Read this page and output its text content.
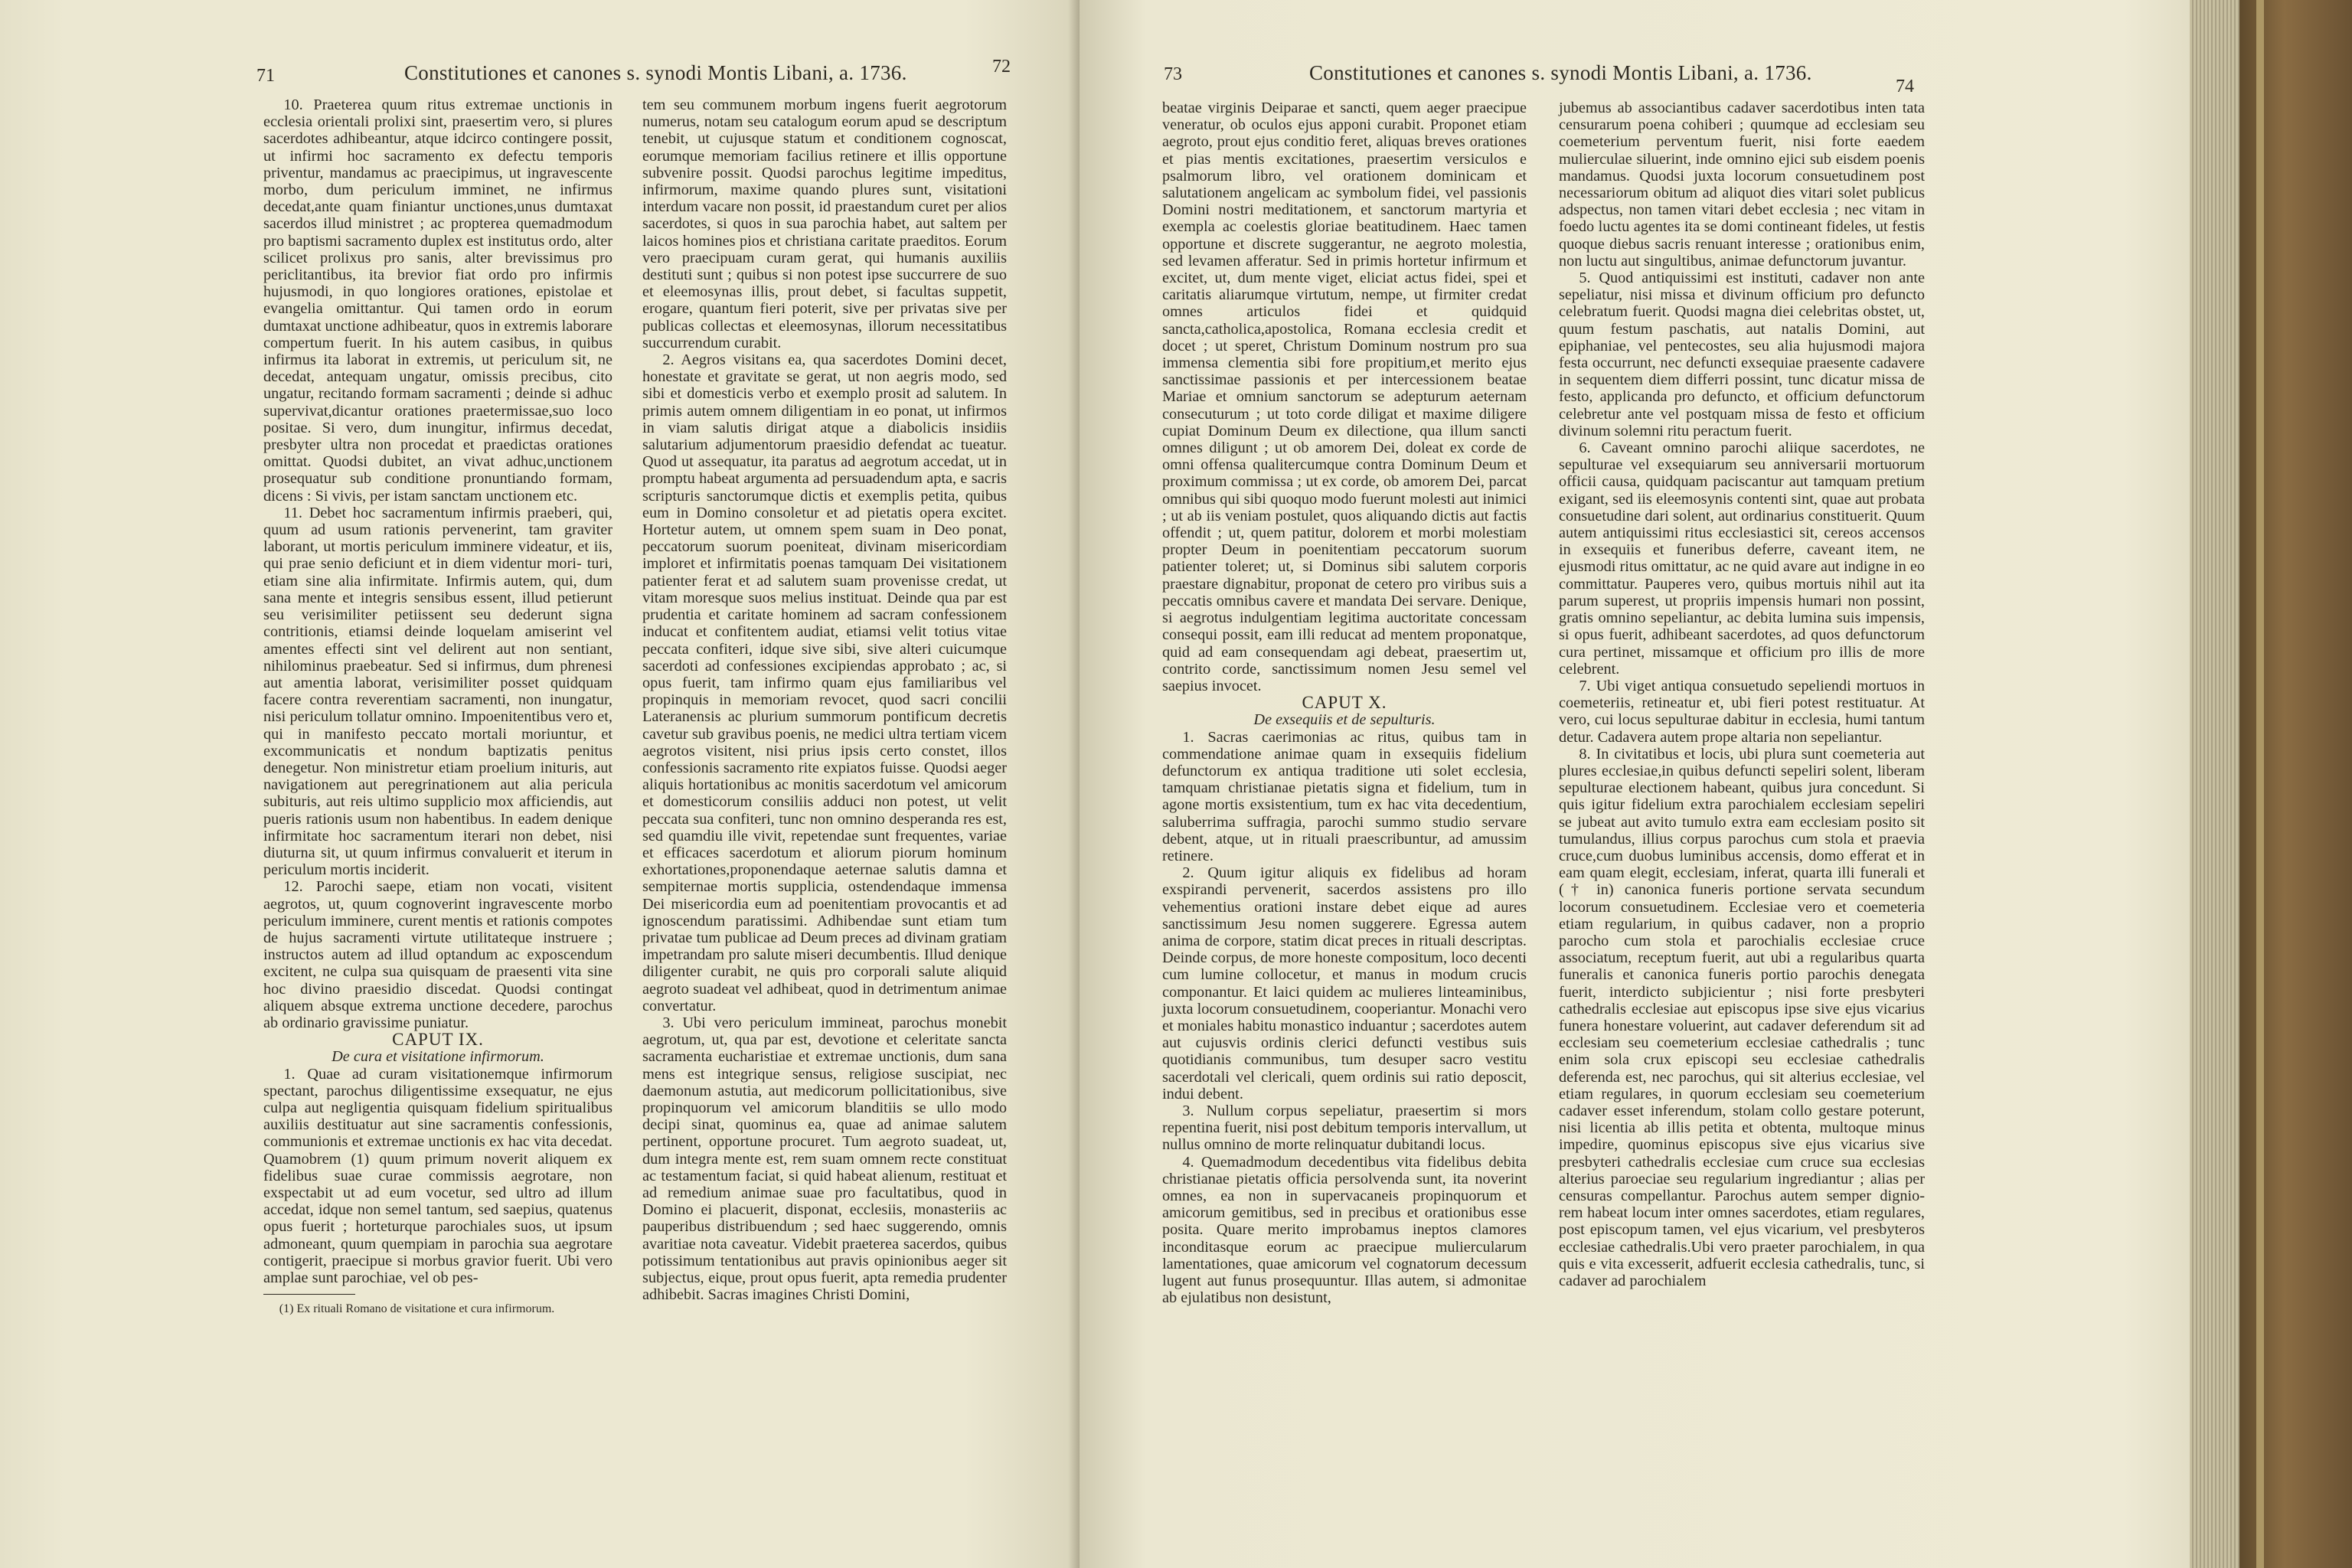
71	Constitutiones et canones s. synodi Montis Libani, a. 1736.	72

10. Praeterea quum ritus extremae unctionis in ecclesia orientali prolixi sint, praesertim vero, si plures sacerdotes adhibeantur, atque idcirco contingere possit, ut infirmi hoc sacramento ex defectu temporis priventur, mandamus ac praecipimus, ut ingravescente morbo, dum periculum imminet, ne infirmus decedat,ante quam finiantur unctiones,unus dumtaxat sacerdos illud ministret ; ac propterea quemadmodum pro baptismi sacramento duplex est institutus ordo, alter scilicet prolixus pro sanis, alter brevissimus pro periclitantibus, ita brevior fiat ordo pro infirmis hujusmodi, in quo longiores orationes, epistolae et evangelia omittantur. Qui tamen ordo in eorum dumtaxat unctione adhibeatur, quos in extremis laborare compertum fuerit. In his autem casibus, in quibus infirmus ita laborat in extremis, ut periculum sit, ne decedat, antequam ungatur, omissis precibus, cito ungatur, recitando formam sacramenti ; deinde si adhuc supervivat,dicantur orationes praetermissae,suo loco positae. Si vero, dum inungitur, infirmus decedat, presbyter ultra non procedat et praedictas orationes omittat. Quodsi dubitet, an vivat adhuc,unctionem prosequatur sub conditione pronuntiando formam, dicens : Si vivis, per istam sanctam unctionem etc.

11. Debet hoc sacramentum infirmis praeberi, qui, quum ad usum rationis pervenerint, tam graviter laborant, ut mortis periculum imminere videatur, et iis, qui prae senio deficiunt et in diem videntur mori- turi, etiam sine alia infirmitate. Infirmis autem, qui, dum sana mente et integris sensibus essent, illud petierunt seu verisimiliter petiissent seu dederunt signa contritionis, etiamsi deinde loquelam amiserint vel amentes effecti sint vel delirent aut non sentiant, nihilominus praebeatur. Sed si infirmus, dum phrenesi aut amentia laborat, verisimiliter posset quidquam facere contra reverentiam sacramenti, non inungatur, nisi periculum tollatur omnino. Impoenitentibus vero et, qui in manifesto peccato mortali moriuntur, et excommunicatis et nondum baptizatis penitus denegetur. Non ministretur etiam proelium inituris, aut navigationem aut peregrinationem aut alia pericula subituris, aut reis ultimo supplicio mox afficiendis, aut pueris rationis usum non habentibus. In eadem denique infirmitate hoc sacramentum iterari non debet, nisi diuturna sit, ut quum infirmus convaluerit et iterum in periculum mortis inciderit.

12. Parochi saepe, etiam non vocati, visitent aegrotos, ut, quum cognoverint ingravescente morbo periculum imminere, curent mentis et rationis compotes de hujus sacramenti virtute utilitateque instruere ; instructos autem ad illud optandum ac exposcendum excitent, ne culpa sua quisquam de praesenti vita sine hoc divino praesidio discedat. Quodsi contingat aliquem absque extrema unctione decedere, parochus ab ordinario gravissime puniatur.

CAPUT IX.

De cura et visitatione infirmorum.

1. Quae ad curam visitationemque infirmorum spectant, parochus diligentissime exsequatur, ne ejus culpa aut negligentia quisquam fidelium spiritualibus auxiliis destituatur aut sine sacramentis confessionis, communionis et extremae unctionis ex hac vita decedat. Quamobrem (1) quum primum noverit aliquem ex fidelibus suae curae commissis aegrotare, non exspectabit ut ad eum vocetur, sed ultro ad illum accedat, idque non semel tantum, sed saepius, quatenus opus fuerit ; horteturque parochiales suos, ut ipsum admoneant, quum quempiam in parochia sua aegrotare contigerit, praecipue si morbus gravior fuerit. Ubi vero amplae sunt parochiae, vel ob pes-

(1) Ex rituali Romano de visitatione et cura infirmorum.

tem seu communem morbum ingens fuerit aegrotorum numerus, notam seu catalogum eorum apud se descriptum tenebit, ut cujusque statum et conditionem cognoscat, eorumque memoriam facilius retinere et illis opportune subvenire possit. Quodsi parochus legitime impeditus, infirmorum, maxime quando plures sunt, visitationi interdum vacare non possit, id praestandum curet per alios sacerdotes, si quos in sua parochia habet, aut saltem per laicos homines pios et christiana caritate praeditos. Eorum vero praecipuam curam gerat, qui humanis auxiliis destituti sunt ; quibus si non potest ipse succurrere de suo et eleemosynas illis, prout debet, si facultas suppetit, erogare, quantum fieri poterit, sive per privatas sive per publicas collectas et eleemosynas, illorum necessitatibus succurrendum curabit.

2. Aegros visitans ea, qua sacerdotes Domini decet, honestate et gravitate se gerat, ut non aegris modo, sed sibi et domesticis verbo et exemplo prosit ad salutem. In primis autem omnem diligentiam in eo ponat, ut infirmos in viam salutis dirigat atque a diabolicis insidiis salutarium adjumentorum praesidio defendat ac tueatur. Quod ut assequatur, ita paratus ad aegrotum accedat, ut in promptu habeat argumenta ad persuadendum apta, e sacris scripturis sanctorumque dictis et exemplis petita, quibus eum in Domino consoletur et ad pietatis opera excitet. Hortetur autem, ut omnem spem suam in Deo ponat, peccatorum suorum poeniteat, divinam misericordiam imploret et infirmitatis poenas tamquam Dei visitationem patienter ferat et ad salutem suam provenisse credat, ut vitam moresque suos melius instituat. Deinde qua par est prudentia et caritate hominem ad sacram confessionem inducat et confitentem audiat, etiamsi velit totius vitae peccata confiteri, idque sive sibi, sive alteri cuicumque sacerdoti ad confessiones excipiendas approbato ; ac, si opus fuerit, tam infirmo quam ejus familiaribus vel propinquis in memoriam revocet, quod sacri concilii Lateranensis ac plurium summorum pontificum decretis cavetur sub gravibus poenis, ne medici ultra tertiam vicem aegrotos visitent, nisi prius ipsis certo constet, illos confessionis sacramento rite expiatos fuisse. Quodsi aeger aliquis hortationibus ac monitis sacerdotum vel amicorum et domesticorum consiliis adduci non potest, ut velit peccata sua confiteri, tunc non omnino desperanda res est, sed quamdiu ille vivit, repetendae sunt frequentes, variae et efficaces sacerdotum et aliorum piorum hominum exhortationes,proponendaque aeternae salutis damna et sempiternae mortis supplicia, ostendendaque immensa Dei misericordia eum ad poenitentiam provocantis et ad ignoscendum paratissimi. Adhibendae sunt etiam tum privatae tum publicae ad Deum preces ad divinam gratiam impetrandam pro salute miseri decumbentis. Illud denique diligenter curabit, ne quis pro corporali salute aliquid aegroto suadeat vel adhibeat, quod in detrimentum animae convertatur.

3. Ubi vero periculum immineat, parochus monebit aegrotum, ut, qua par est, devotione et celeritate sancta sacramenta eucharistiae et extremae unctionis, dum sana mens est integrique sensus, religiose suscipiat, nec daemonum astutia, aut medicorum pollicitationibus, sive propinquorum vel amicorum blanditiis se ullo modo decipi sinat, quominus ea, quae ad animae salutem pertinent, opportune procuret. Tum aegroto suadeat, ut, dum integra mente est, rem suam omnem recte constituat ac testamentum faciat, si quid habeat alienum, restituat et ad remedium animae suae pro facultatibus, quod in Domino ei placuerit, disponat, ecclesiis, monasteriis ac pauperibus distribuendum ; sed haec suggerendo, omnis avaritiae nota caveatur. Videbit praeterea sacerdos, quibus potissimum tentationibus aut pravis opinionibus aeger sit subjectus, eique, prout opus fuerit, apta remedia prudenter adhibebit. Sacras imagines Christi Domini,

73	Constitutiones et canones s. synodi Montis Libani, a. 1736.
74

beatae virginis Deiparae et sancti, quem aeger praecipue veneratur, ob oculos ejus apponi curabit. Proponet etiam aegroto, prout ejus conditio feret, aliquas breves orationes et pias mentis excitationes, praesertim versiculos e psalmorum libro, vel orationem dominicam et salutationem angelicam ac symbolum fidei, vel passionis Domini nostri meditationem, et sanctorum martyria et exempla ac coelestis gloriae beatitudinem. Haec tamen opportune et discrete suggerantur, ne aegroto molestia, sed levamen afferatur. Sed in primis hortetur infirmum et excitet, ut, dum mente viget, eliciat actus fidei, spei et caritatis aliarumque virtutum, nempe, ut firmiter credat omnes articulos fidei et quidquid sancta,catholica,apostolica, Romana ecclesia credit et docet ; ut speret, Christum Dominum nostrum pro sua immensa clementia sibi fore propitium,et merito ejus sanctissimae passionis et per intercessionem beatae Mariae et omnium sanctorum se adepturum aeternam consecuturum ; ut toto corde diligat et maxime diligere cupiat Dominum Deum ex dilectione, qua illum sancti omnes diligunt ; ut ob amorem Dei, doleat ex corde de omni offensa qualitercumque contra Dominum Deum et proximum commissa ; ut ex corde, ob amorem Dei, parcat omnibus qui sibi quoquo modo fuerunt molesti aut inimici ; ut ab iis veniam postulet, quos aliquando dictis aut factis offendit ; ut, quem patitur, dolorem et morbi molestiam propter Deum in poenitentiam peccatorum suorum patienter toleret; ut, si Dominus sibi salutem corporis praestare dignabitur, proponat de cetero pro viribus suis a peccatis omnibus cavere et mandata Dei servare. Denique, si aegrotus indulgentiam legitima auctoritate concessam consequi possit, eam illi reducat ad mentem proponatque, quid ad eam consequendam agi debeat, praesertim ut, contrito corde, sanctissimum nomen Jesu semel vel saepius invocet.

CAPUT X.

De exsequiis et de sepulturis.

1. Sacras caerimonias ac ritus, quibus tam in commendatione animae quam in exsequiis fidelium defunctorum ex antiqua traditione uti solet ecclesia, tamquam christianae pietatis signa et fidelium, tum in agone mortis exsistentium, tum ex hac vita decedentium, saluberrima suffragia, parochi summo studio servare debent, atque, ut in rituali praescribuntur, ad amussim retinere.

2. Quum igitur aliquis ex fidelibus ad horam exspirandi pervenerit, sacerdos assistens pro illo vehementius orationi instare debet eique ad aures sanctissimum Jesu nomen suggerere. Egressa autem anima de corpore, statim dicat preces in rituali descriptas. Deinde corpus, de more honeste compositum, loco decenti cum lumine collocetur, et manus in modum crucis componantur. Et laici quidem ac mulieres linteaminibus, juxta locorum consuetudinem, cooperiantur. Monachi vero et moniales habitu monastico induantur ; sacerdotes autem aut cujusvis ordinis clerici defuncti vestibus suis quotidianis communibus, tum desuper sacro vestitu sacerdotali vel clericali, quem ordinis sui ratio deposcit, indui debent.

3. Nullum corpus sepeliatur, praesertim si mors repentina fuerit, nisi post debitum temporis intervallum, ut nullus omnino de morte relinquatur dubitandi locus.

4. Quemadmodum decedentibus vita fidelibus debita christianae pietatis officia persolvenda sunt, ita noverint omnes, ea non in supervacaneis propinquorum et amicorum gemitibus, sed in precibus et orationibus esse posita. Quare merito improbamus ineptos clamores inconditasque eorum ac praecipue muliercularum lamentationes, quae amicorum vel cognatorum decessum lugent aut funus prosequuntur. Illas autem, si admonitae ab ejulatibus non desistunt,

jubemus ab associantibus cadaver sacerdotibus inten tata censurarum poena cohiberi ; quumque ad ecclesiam seu coemeterium perventum fuerit, nisi forte eaedem mulierculae siluerint, inde omnino ejici sub eisdem poenis mandamus. Quodsi juxta locorum consuetudinem post necessariorum obitum ad aliquot dies vitari solet publicus adspectus, non tamen vitari debet ecclesia ; nec vitam in foedo luctu agentes ita se domi contineant fideles, ut festis quoque diebus sacris renuant interesse ; orationibus enim, non luctu aut singultibus, animae defunctorum juvantur.

5. Quod antiquissimi est instituti, cadaver non ante sepeliatur, nisi missa et divinum officium pro defuncto celebratum fuerit. Quodsi magna diei celebritas obstet, ut, quum festum paschatis, aut natalis Domini, aut epiphaniae, vel pentecostes, seu alia hujusmodi majora festa occurrunt, nec defuncti exsequiae praesente cadavere in sequentem diem differri possint, tunc dicatur missa de festo, applicanda pro defuncto, et officium defunctorum celebretur ante vel postquam missa de festo et officium divinum solemni ritu peractum fuerit.

6. Caveant omnino parochi aliique sacerdotes, ne sepulturae vel exsequiarum seu anniversarii mortuorum officii causa, quidquam paciscantur aut tamquam pretium exigant, sed iis eleemosynis contenti sint, quae aut probata consuetudine dari solent, aut ordinarius constituerit. Quum autem antiquissimi ritus ecclesiastici sit, cereos accensos in exsequiis et funeribus deferre, caveant item, ne ejusmodi ritus omittatur, ac ne quid avare aut indigne in eo committatur. Pauperes vero, quibus mortuis nihil aut ita parum superest, ut propriis impensis humari non possint, gratis omnino sepeliantur, ac debita lumina suis impensis, si opus fuerit, adhibeant sacerdotes, ad quos defunctorum cura pertinet, missamque et officium pro illis de more celebrent.

7. Ubi viget antiqua consuetudo sepeliendi mortuos in coemeteriis, retineatur et, ubi fieri potest restituatur. At vero, cui locus sepulturae dabitur in ecclesia, humi tantum detur. Cadavera autem prope altaria non sepeliantur.

8. In civitatibus et locis, ubi plura sunt coemeteria aut plures ecclesiae,in quibus defuncti sepeliri solent, liberam sepulturae electionem habeant, quibus jura concedunt. Si quis igitur fidelium extra parochialem ecclesiam sepeliri se jubeat aut avito tumulo extra eam ecclesiam posito sit tumulandus, illius corpus parochus cum stola et praevia cruce,cum duobus luminibus accensis, domo efferat et in eam quam elegit, ecclesiam, inferat, quarta illi funerali et († in) canonica funeris portione servata secundum locorum consuetudinem. Ecclesiae vero et coemeteria etiam regularium, in quibus cadaver, non a proprio parocho cum stola et parochialis ecclesiae cruce associatum, receptum fuerit, aut ubi a regularibus quarta funeralis et canonica funeris portio parochis denegata fuerit, interdicto subjicientur ; nisi forte presbyteri cathedralis ecclesiae aut episcopus ipse sive ejus vicarius funera honestare voluerint, aut cadaver deferendum sit ad ecclesiam seu coemeterium ecclesiae cathedralis ; tunc enim sola crux episcopi seu ecclesiae cathedralis deferenda est, nec parochus, qui sit alterius ecclesiae, vel etiam regulares, in quorum ecclesiam seu coemeterium cadaver esset inferendum, stolam collo gestare poterunt, nisi licentia ab illis petita et obtenta, multoque minus impedire, quominus episcopus sive ejus vicarius sive presbyteri cathedralis ecclesiae cum cruce sua ecclesias alterius paroeciae seu regularium ingrediantur ; alias per censuras compellantur. Parochus autem semper dignio- rem habeat locum inter omnes sacerdotes, etiam regulares, post episcopum tamen, vel ejus vicarium, vel presbyteros ecclesiae cathedralis.Ubi vero praeter parochialem, in qua quis e vita excesserit, adfuerit ecclesia cathedralis, tunc, si cadaver ad parochialem
